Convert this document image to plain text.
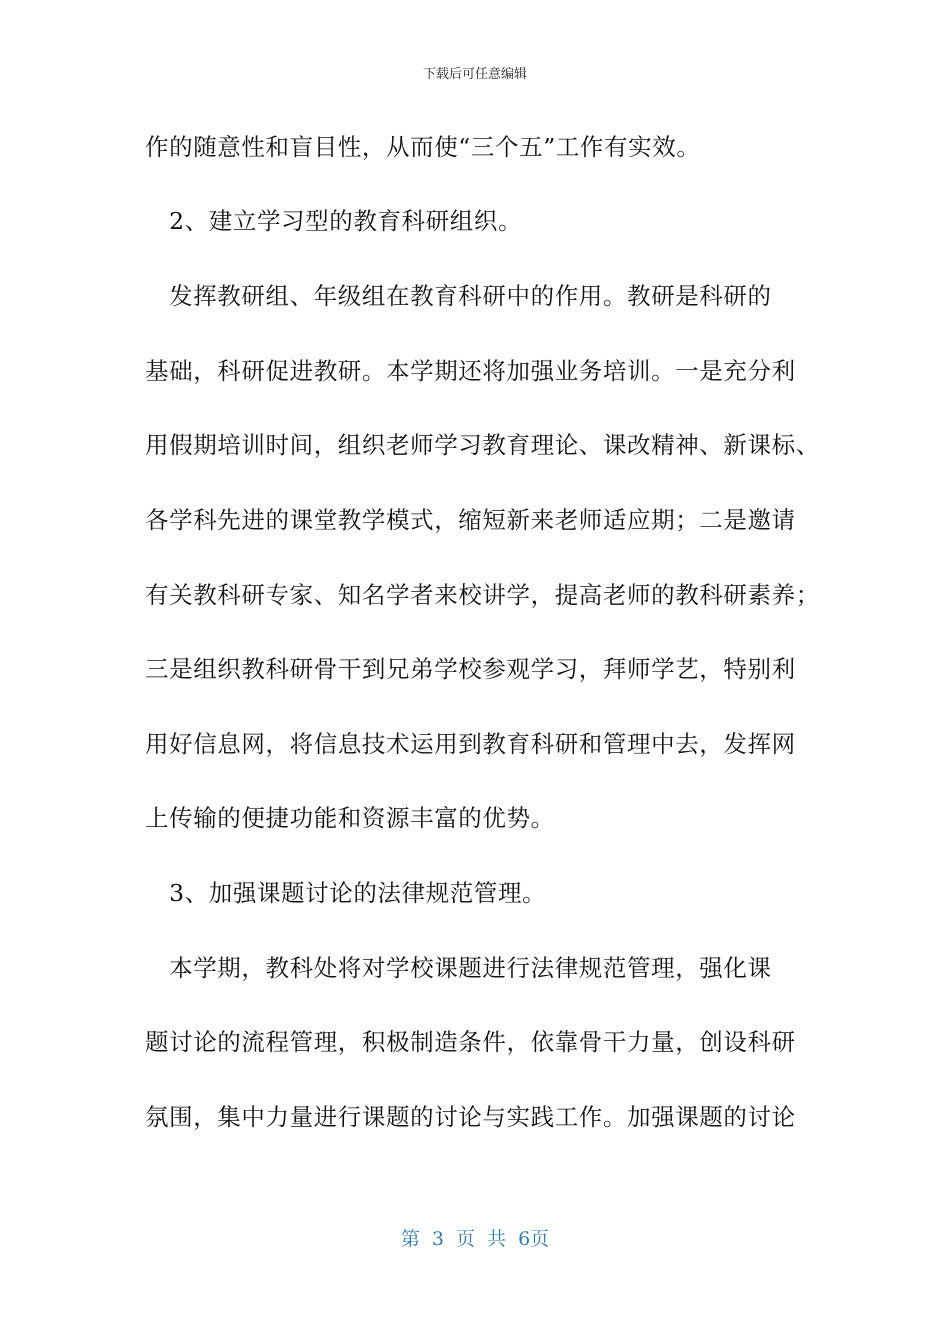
下载后可任意编辑
作的随意性和盲目性，从而使“三个五”工作有实效。
　2、建立学习型的教育科研组织。
　发挥教研组、年级组在教育科研中的作用。教研是科研的
基础，科研促进教研。本学期还将加强业务培训。一是充分利
用假期培训时间，组织老师学习教育理论、课改精神、新课标、
各学科先进的课堂教学模式，缩短新来老师适应期；二是邀请
有关教科研专家、知名学者来校讲学，提高老师的教科研素养；
三是组织教科研骨干到兄弟学校参观学习，拜师学艺，特别利
用好信息网，将信息技术运用到教育科研和管理中去，发挥网
上传输的便捷功能和资源丰富的优势。
　3、加强课题讨论的法律规范管理。
　本学期，教科处将对学校课题进行法律规范管理，强化课
题讨论的流程管理，积极制造条件，依靠骨干力量，创设科研
氛围，集中力量进行课题的讨论与实践工作。加强课题的讨论
第 3 页 共 6页
